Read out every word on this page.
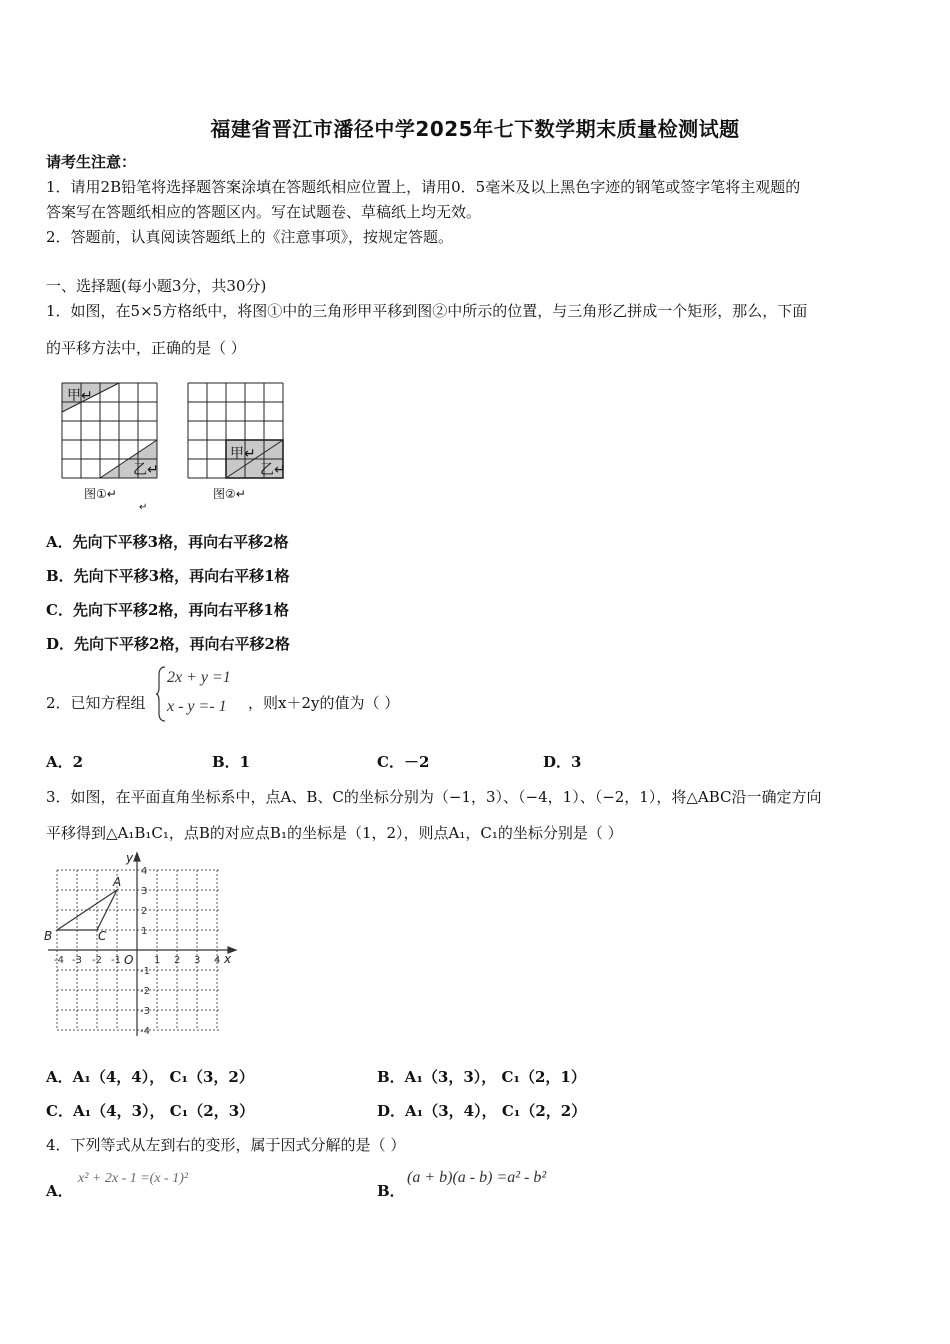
福建省晋江市潘径中学2025年七下数学期末质量检测试题
请考生注意：
1．请用2B铅笔将选择题答案涂填在答题纸相应位置上，请用0．5毫米及以上黑色字迹的钢笔或签字笔将主观题的
答案写在答题纸相应的答题区内。写在试题卷、草稿纸上均无效。
2．答题前，认真阅读答题纸上的《注意事项》，按规定答题。
一、选择题(每小题3分，共30分)
1．如图，在5×5方格纸中，将图①中的三角形甲平移到图②中所示的位置，与三角形乙拼成一个矩形，那么，下面
的平移方法中，正确的是（ ）
甲↵
乙↵
图①↵
↵
甲↵
乙↵
图②↵
A．先向下平移3格，再向右平移2格
B．先向下平移3格，再向右平移1格
C．先向下平移2格，再向右平移1格
D．先向下平移2格，再向右平移2格
2．已知方程组
2x + y =1
x - y =- 1 ，则x＋2y的值为（ ）
A．2	B．1	C．－2	D．3
3．如图，在平面直角坐标系中，点A、B、C的坐标分别为（−1，3）、（−4，1）、（−2，1），将△ABC沿一确定方向
平移得到△A₁B₁C₁，点B的对应点B₁的坐标是（1，2），则点A₁，C₁的坐标分别是（ ）
-4 -3 -2 -1	1 2 3 4
4
3
2
1
-1
-2
-3
-4
O	x
y
A
B	C
A．A₁（4，4）， C₁（3，2）	B．A₁（3，3）， C₁（2，1）
C．A₁（4，3）， C₁（2，3）	D．A₁（3，4）， C₁（2，2）
4．下列等式从左到右的变形，属于因式分解的是（ ）
A．
x² + 2x - 1 =(x - 1)²
B．
(a + b)(a - b) =a² - b²
